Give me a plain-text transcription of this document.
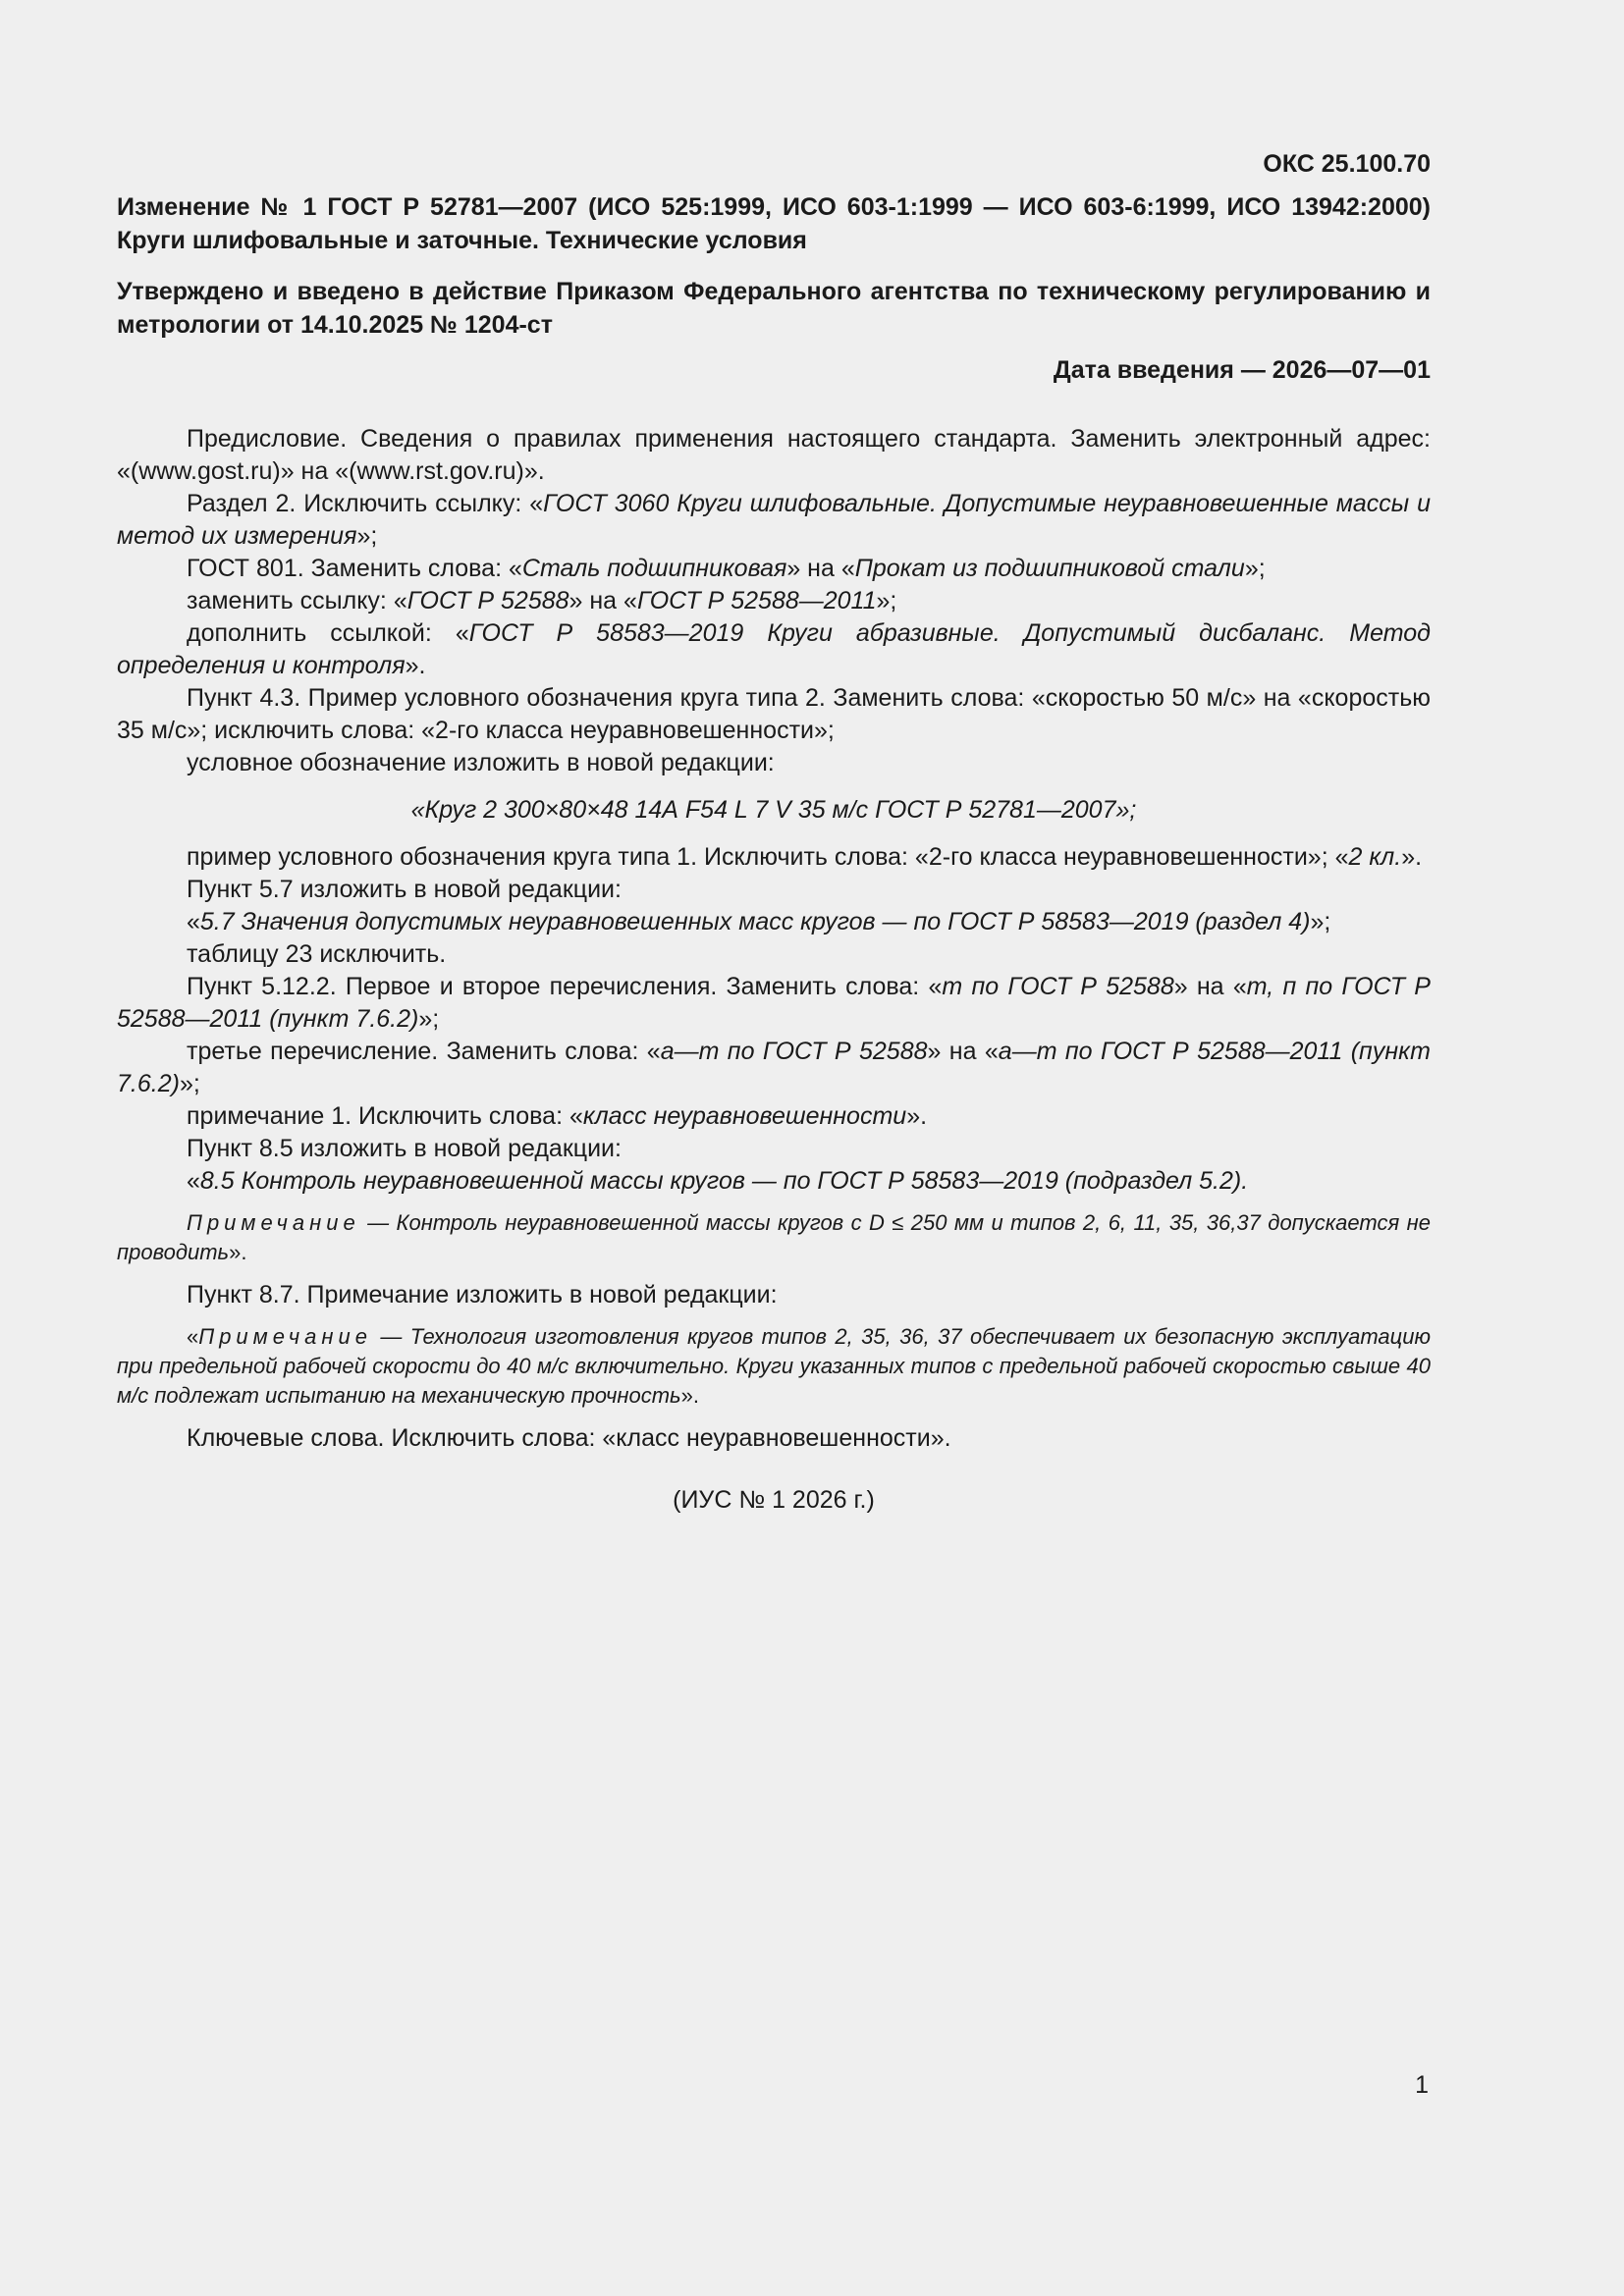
ОКС 25.100.70
Изменение № 1 ГОСТ Р 52781—2007 (ИСО 525:1999, ИСО 603-1:1999 — ИСО 603-6:1999, ИСО 13942:2000) Круги шлифовальные и заточные. Технические условия
Утверждено и введено в действие Приказом Федерального агентства по техническому регулированию и метрологии от 14.10.2025 № 1204-ст
Дата введения — 2026—07—01

Предисловие. Сведения о правилах применения настоящего стандарта. Заменить электронный адрес: «(www.gost.ru)» на «(www.rst.gov.ru)».

Раздел 2. Исключить ссылку: «ГОСТ 3060 Круги шлифовальные. Допустимые неуравновешенные массы и метод их измерения»;

ГОСТ 801. Заменить слова: «Сталь подшипниковая» на «Прокат из подшипниковой стали»;

заменить ссылку: «ГОСТ Р 52588» на «ГОСТ Р 52588—2011»;

дополнить ссылкой: «ГОСТ Р 58583—2019 Круги абразивные. Допустимый дисбаланс. Метод определения и контроля».

Пункт 4.3. Пример условного обозначения круга типа 2. Заменить слова: «скоростью 50 м/с» на «скоростью 35 м/с»; исключить слова: «2-го класса неуравновешенности»;

условное обозначение изложить в новой редакции:

«Круг 2 300×80×48 14А F54 L 7 V 35 м/с ГОСТ Р 52781—2007»;

пример условного обозначения круга типа 1. Исключить слова: «2-го класса неуравновешенности»; «2 кл.».

Пункт 5.7 изложить в новой редакции:

«5.7 Значения допустимых неуравновешенных масс кругов — по ГОСТ Р 58583—2019 (раздел 4)»;

таблицу 23 исключить.

Пункт 5.12.2. Первое и второе перечисления. Заменить слова: «т по ГОСТ Р 52588» на «т, п по ГОСТ Р 52588—2011 (пункт 7.6.2)»;

третье перечисление. Заменить слова: «а—т по ГОСТ Р 52588» на «а—т по ГОСТ Р 52588—2011 (пункт 7.6.2)»;

примечание 1. Исключить слова: «класс неуравновешенности».

Пункт 8.5 изложить в новой редакции:

«8.5 Контроль неуравновешенной массы кругов — по ГОСТ Р 58583—2019 (подраздел 5.2).

Примечание — Контроль неуравновешенной массы кругов с D ≤ 250 мм и типов 2, 6, 11, 35, 36,37 допускается не проводить».

Пункт 8.7. Примечание изложить в новой редакции:

«Примечание — Технология изготовления кругов типов 2, 35, 36, 37 обеспечивает их безопасную эксплуатацию при предельной рабочей скорости до 40 м/с включительно. Круги указанных типов с предельной рабочей скоростью свыше 40 м/с подлежат испытанию на механическую прочность».

Ключевые слова. Исключить слова: «класс неуравновешенности».

(ИУС № 1 2026 г.)
1
